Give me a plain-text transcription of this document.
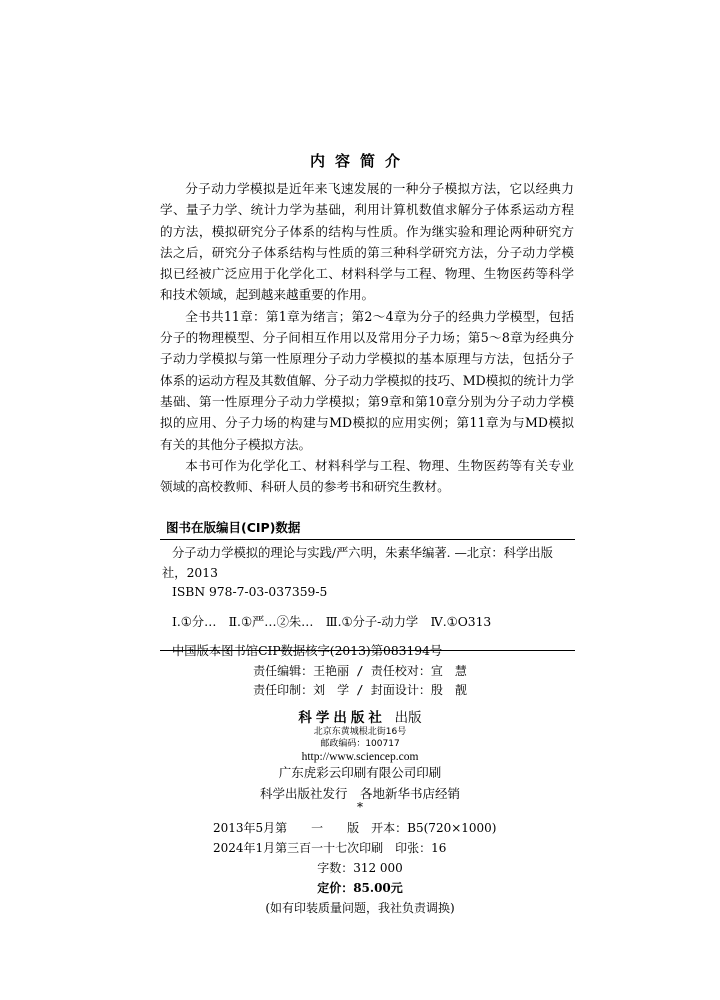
内容简介

分子动力学模拟是近年来飞速发展的一种分子模拟方法，它以经典力学、量子力学、统计力学为基础，利用计算机数值求解分子体系运动方程的方法，模拟研究分子体系的结构与性质。作为继实验和理论两种研究方法之后，研究分子体系结构与性质的第三种科学研究方法，分子动力学模拟已经被广泛应用于化学化工、材料科学与工程、物理、生物医药等科学和技术领域，起到越来越重要的作用。

全书共11章：第1章为绪言；第2～4章为分子的经典力学模型，包括分子的物理模型、分子间相互作用以及常用分子力场；第5～8章为经典分子动力学模拟与第一性原理分子动力学模拟的基本原理与方法，包括分子体系的运动方程及其数值解、分子动力学模拟的技巧、MD模拟的统计力学基础、第一性原理分子动力学模拟；第9章和第10章分别为分子动力学模拟的应用、分子力场的构建与MD模拟的应用实例；第11章为与MD模拟有关的其他分子模拟方法。

本书可作为化学化工、材料科学与工程、物理、生物医药等有关专业领域的高校教师、科研人员的参考书和研究生教材。

图书在版编目(CIP)数据
分子动力学模拟的理论与实践/严六明，朱素华编著. —北京：科学出版
社，2013
ISBN 978-7-03-037359-5
Ⅰ.①分…　Ⅱ.①严…②朱…　Ⅲ.①分子-动力学　Ⅳ.①O313
中国版本图书馆CIP数据核字(2013)第083194号
责任编辑：王艳丽 / 责任校对：宣　慧
责任印制：刘　学 / 封面设计：殷　靓
科学出版社 出版
北京东黄城根北街16号
邮政编码：100717
http://www.sciencep.com
广东虎彩云印刷有限公司印刷
科学出版社发行　各地新华书店经销
*
2013年5月第　　一　　版　开本：B5(720×1000)
2024年1月第三百一十七次印刷　印张：16
字数：312 000
定价：85.00元
(如有印装质量问题，我社负责调换)
